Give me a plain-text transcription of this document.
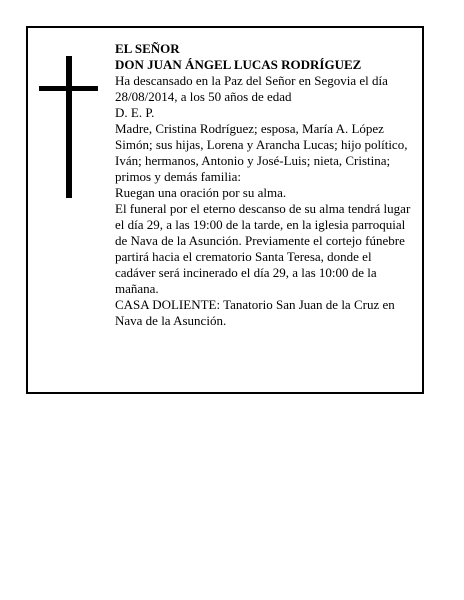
EL SEÑOR

DON JUAN ÁNGEL LUCAS RODRÍGUEZ

Ha descansado en la Paz del Señor en Segovia el día 28/08/2014, a los 50 años de edad

D. E. P.

Madre, Cristina Rodríguez; esposa, María A. López Simón; sus hijas, Lorena y Arancha Lucas; hijo político, Iván; hermanos, Antonio y José-Luis; nieta, Cristina; primos y demás familia:

Ruegan una oración por su alma.

El funeral por el eterno descanso de su alma tendrá lugar el día 29, a las 19:00 de la tarde, en la iglesia parroquial de Nava de la Asunción. Previamente el cortejo fúnebre partirá hacia el crematorio Santa Teresa, donde el cadáver será incinerado el día 29, a las 10:00 de la mañana.

CASA DOLIENTE: Tanatorio San Juan de la Cruz en Nava de la Asunción.
